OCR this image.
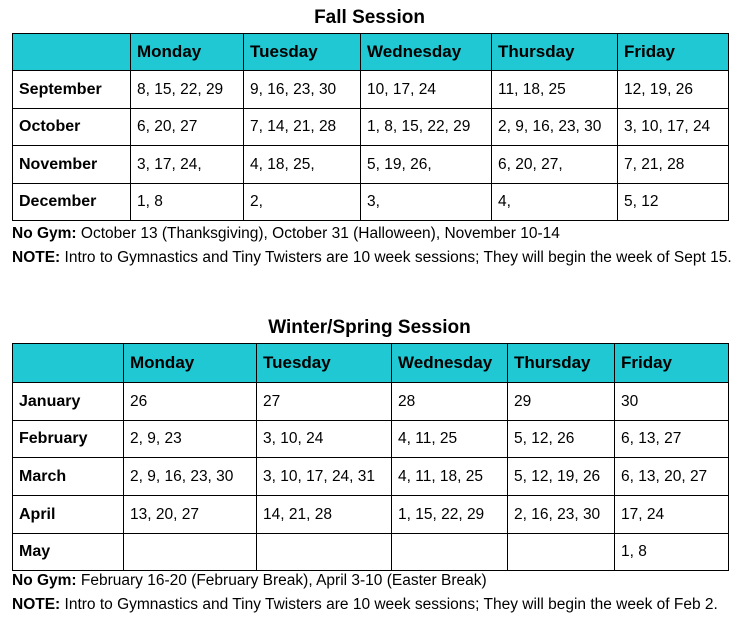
Fall Session
	Monday	Tuesday	Wednesday	Thursday	Friday
September	8, 15, 22, 29	9, 16, 23, 30	10, 17, 24	11, 18, 25	12, 19, 26
October	6, 20, 27	7, 14, 21, 28	1, 8, 15, 22, 29	2, 9, 16, 23, 30	3, 10, 17, 24
November	3, 17, 24,	4, 18, 25,	5, 19, 26,	6, 20, 27,	7, 21, 28
December	1, 8	2,	3,	4,	5, 12
No Gym: October 13 (Thanksgiving), October 31 (Halloween), November 10-14
NOTE: Intro to Gymnastics and Tiny Twisters are 10 week sessions; They will begin the week of Sept 15.
Winter/Spring Session
	Monday	Tuesday	Wednesday	Thursday	Friday
January	26	27	28	29	30
February	2, 9, 23	3, 10, 24	4, 11, 25	5, 12, 26	6, 13, 27
March	2, 9, 16, 23, 30	3, 10, 17, 24, 31	4, 11, 18, 25	5, 12, 19, 26	6, 13, 20, 27
April	13, 20, 27	14, 21, 28	1, 15, 22, 29	2, 16, 23, 30	17, 24
May					1, 8
No Gym: February 16-20 (February Break), April 3-10 (Easter Break)
NOTE: Intro to Gymnastics and Tiny Twisters are 10 week sessions; They will begin the week of Feb 2.
